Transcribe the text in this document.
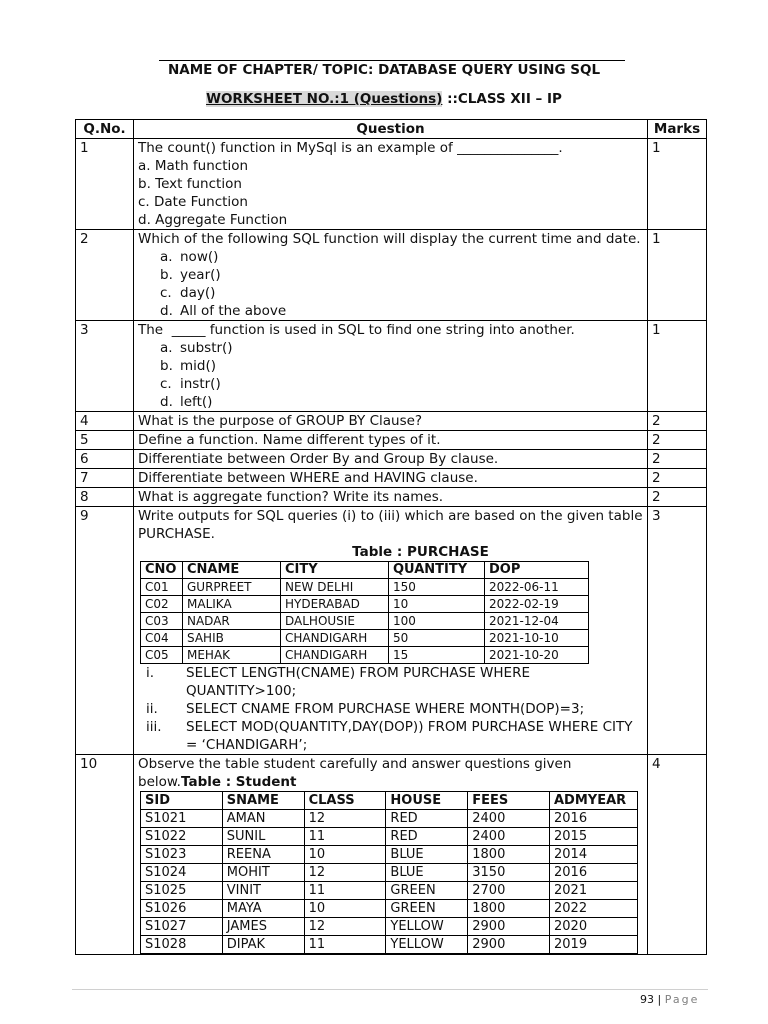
NAME OF CHAPTER/ TOPIC: DATABASE QUERY USING SQL
WORKSHEET NO.:1 (Questions) ::CLASS XII – IP
Q.No.	Question	Marks
1	The count() function in MySql is an example of _______________.
a. Math function
b. Text function
c. Date Function
d. Aggregate Function
	1
2	Which of the following SQL function will display the current time and date.
a. now()
b. year()
c. day()
d. All of the above
	1
3	The  _____ function is used in SQL to find one string into another.
a. substr()
b. mid()
c. instr()
d. left()
	1
4	What is the purpose of GROUP BY Clause?	2
5	Define a function. Name different types of it.	2
6	Differentiate between Order By and Group By clause.	2
7	Differentiate between WHERE and HAVING clause.	2
8	What is aggregate function? Write its names.	2
9	Write outputs for SQL queries (i) to (iii) which are based on the given table PURCHASE.
Table : PURCHASE
CNO	CNAME	CITY	QUANTITY	DOP
C01	GURPREET	NEW DELHI	150	2022-06-11
C02	MALIKA	HYDERABAD	10	2022-02-19
C03	NADAR	DALHOUSIE	100	2021-12-04
C04	SAHIB	CHANDIGARH	50	2021-10-10
C05	MEHAK	CHANDIGARH	15	2021-10-20
i. SELECT LENGTH(CNAME) FROM PURCHASE WHERE QUANTITY>100;
ii. SELECT CNAME FROM PURCHASE WHERE MONTH(DOP)=3;
iii. SELECT MOD(QUANTITY,DAY(DOP)) FROM PURCHASE WHERE CITY = ‘CHANDIGARH’;
	3
10	Observe the table student carefully and answer questions given below.Table : Student
SID	SNAME	CLASS	HOUSE	FEES	ADMYEAR
S1021	AMAN	12	RED	2400	2016
S1022	SUNIL	11	RED	2400	2015
S1023	REENA	10	BLUE	1800	2014
S1024	MOHIT	12	BLUE	3150	2016
S1025	VINIT	11	GREEN	2700	2021
S1026	MAYA	10	GREEN	1800	2022
S1027	JAMES	12	YELLOW	2900	2020
S1028	DIPAK	11	YELLOW	2900	2019
	4
93 | Page
